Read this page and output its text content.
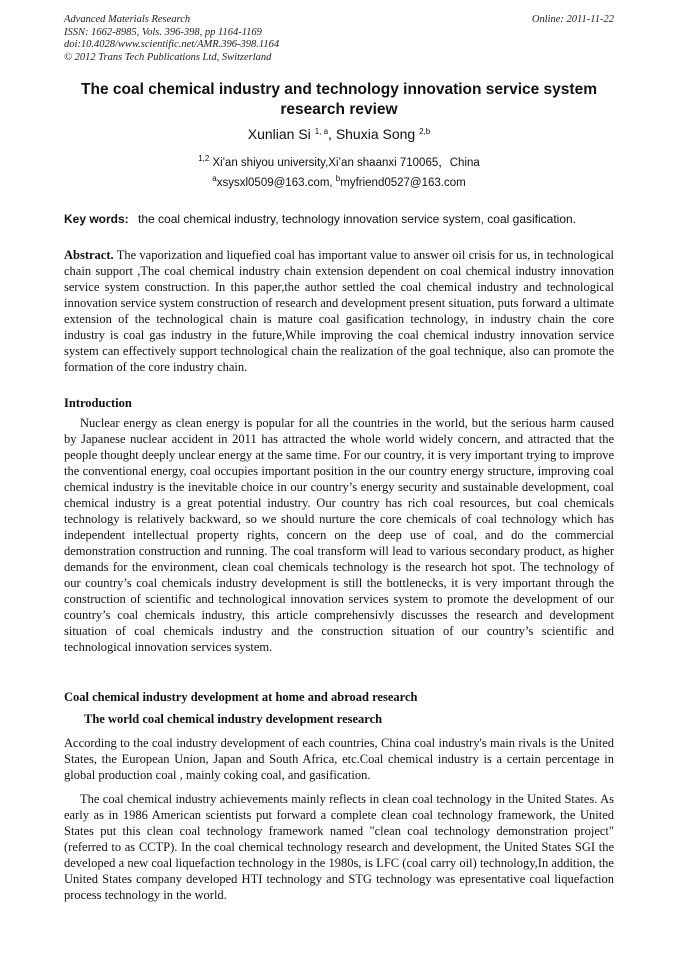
Advanced Materials Research
ISSN: 1662-8985, Vols. 396-398, pp 1164-1169
doi:10.4028/www.scientific.net/AMR.396-398.1164
© 2012 Trans Tech Publications Ltd, Switzerland
Online: 2011-11-22
The coal chemical industry and technology innovation service system research review
Xunlian Si $^{1, a}$, Shuxia Song $^{2,b}$
$^{1,2}$ Xi'an shiyou university,Xi’an shaanxi 710065，China
$^a$xsysxl0509@163.com, $^b$myfriend0527@163.com
Key words: the coal chemical industry, technology innovation service system, coal gasification.
Abstract. The vaporization and liquefied coal has important value to answer oil crisis for us, in technological chain support ,The coal chemical industry chain extension dependent on coal chemical industry innovation service system construction. In this paper,the author settled the coal chemical industry and technological innovation service system construction of research and development present situation, puts forward a ultimate extension of the technological chain is mature coal gasification technology, in industry chain the core industry is coal gas industry in the future,While improving the coal chemical industry innovation service system can effectively support technological chain the realization of the goal technique, also can promote the formation of the core industry chain.
Introduction
Nuclear energy as clean energy is popular for all the countries in the world, but the serious harm caused by Japanese nuclear accident in 2011 has attracted the whole world widely concern, and attracted that the people thought deeply unclear energy at the same time. For our country, it is very important trying to improve the conventional energy, coal occupies important position in the our country energy structure, improving coal chemical industry is the inevitable choice in our country’s energy security and sustainable development, coal chemical industry is a great potential industry. Our country has rich coal resources, but coal chemicals technology is relatively backward, so we should nurture the core chemicals of coal technology which has independent intellectual property rights, concern on the deep use of coal, and do the commercial demonstration construction and running. The coal transform will lead to various secondary product, as higher demands for the environment, clean coal chemicals technology is the research hot spot. The technology of our country’s coal chemicals industry development is still the bottlenecks, it is very important through the construction of scientific and technological innovation services system to promote the development of our country’s coal chemicals industry, this article comprehensivly discusses the research and development situation of coal chemicals industry and the construction situation of our country’s scientific and technological innovation services system.
Coal chemical industry development at home and abroad research
The world coal chemical industry development research
According to the coal industry development of each countries, China coal industry's main rivals is the United States, the European Union, Japan and South Africa, etc.Coal chemical industry is a certain percentage in global production coal , mainly coking coal, and gasification.
The coal chemical industry achievements mainly reflects in clean coal technology in the United States. As early as in 1986 American scientists put forward a complete clean coal technology framework, the United States put this clean coal technology framework named "clean coal technology demonstration project" (referred to as CCTP). In the coal chemical technology research and development, the United States SGI the developed a new coal liquefaction technology in the 1980s, is LFC (coal carry oil) technology,In addition, the United States company developed HTI technology and STG technology was epresentative coal liquefaction process technology in the world.
